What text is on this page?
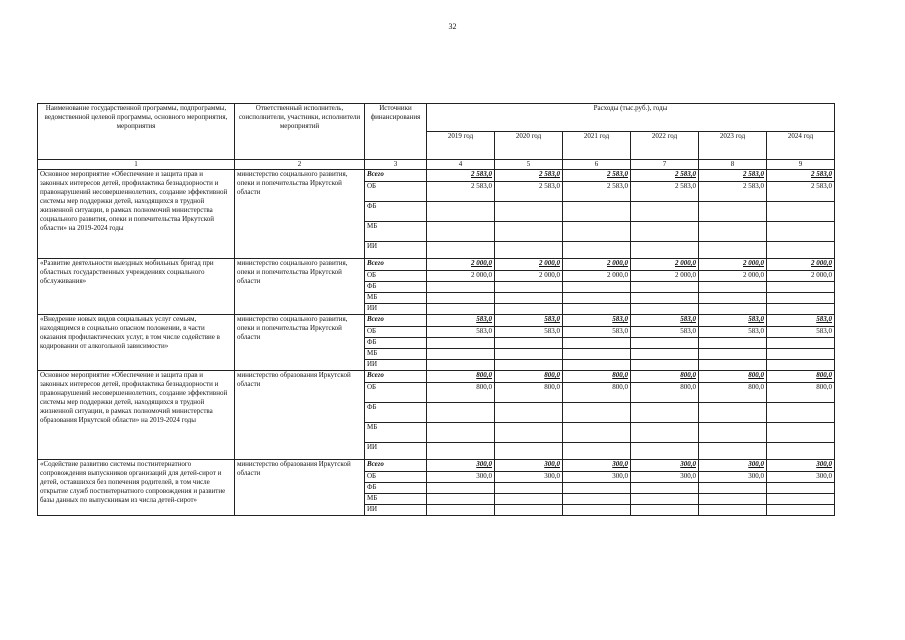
32
Наименование государственной программы, подпрограммы, ведомственной целевой программы, основного мероприятия, мероприятия	Ответственный исполнитель, соисполнители, участники, исполнители мероприятий	Источники финансирования	Расходы (тыс.руб.), годы					
			2019 год	2020 год	2021 год	2022 год	2023 год	2024 год
1	2	3	4	5	6	7	8	9
Основное мероприятие «Обеспечение и защита прав и законных интересов детей, профилактика безнадзорности и правонарушений несовершеннолетних, создание эффективной системы мер поддержки детей, находящихся в трудной жизненной ситуации, в рамках полномочий министерства социального развития, опеки и попечительства Иркутской области» на 2019-2024 годы	министерство социального развития, опеки и попечительства Иркутской области	Всего	2 583,0	2 583,0	2 583,0	2 583,0	2 583,0	2 583,0
		ОБ	2 583,0	2 583,0	2 583,0	2 583,0	2 583,0	2 583,0
		ФБ						
		МБ						
		ИИ						
«Развитие деятельности выездных мобильных бригад при областных государственных учреждениях социального обслуживания»	министерство социального развития, опеки и попечительства Иркутской области	Всего	2 000,0	2 000,0	2 000,0	2 000,0	2 000,0	2 000,0
		ОБ	2 000,0	2 000,0	2 000,0	2 000,0	2 000,0	2 000,0
		ФБ						
		МБ						
		ИИ						
«Внедрение новых видов социальных услуг семьям, находящимся в социально опасном положении, в части оказания профилактических услуг, в том числе содействие в кодировании от алкогольной зависимости»	министерство социального развития, опеки и попечительства Иркутской области	Всего	583,0	583,0	583,0	583,0	583,0	583,0
		ОБ	583,0	583,0	583,0	583,0	583,0	583,0
		ФБ						
		МБ						
		ИИ						
Основное мероприятие «Обеспечение и защита прав и законных интересов детей, профилактика безнадзорности и правонарушений несовершеннолетних, создание эффективной системы мер поддержки детей, находящихся в трудной жизненной ситуации, в рамках полномочий министерства образования Иркутской области» на 2019-2024 годы	министерство образования Иркутской области	Всего	800,0	800,0	800,0	800,0	800,0	800,0
		ОБ	800,0	800,0	800,0	800,0	800,0	800,0
		ФБ						
		МБ						
		ИИ						
«Содействие развитию системы постинтернатного сопровождения выпускников организаций для детей-сирот и детей, оставшихся без попечения родителей, в том числе открытие служб постинтернатного сопровождения и развитие базы данных по выпускникам из числа детей-сирот»	министерство образования Иркутской области	Всего	300,0	300,0	300,0	300,0	300,0	300,0
		ОБ	300,0	300,0	300,0	300,0	300,0	300,0
		ФБ						
		МБ						
		ИИ						
